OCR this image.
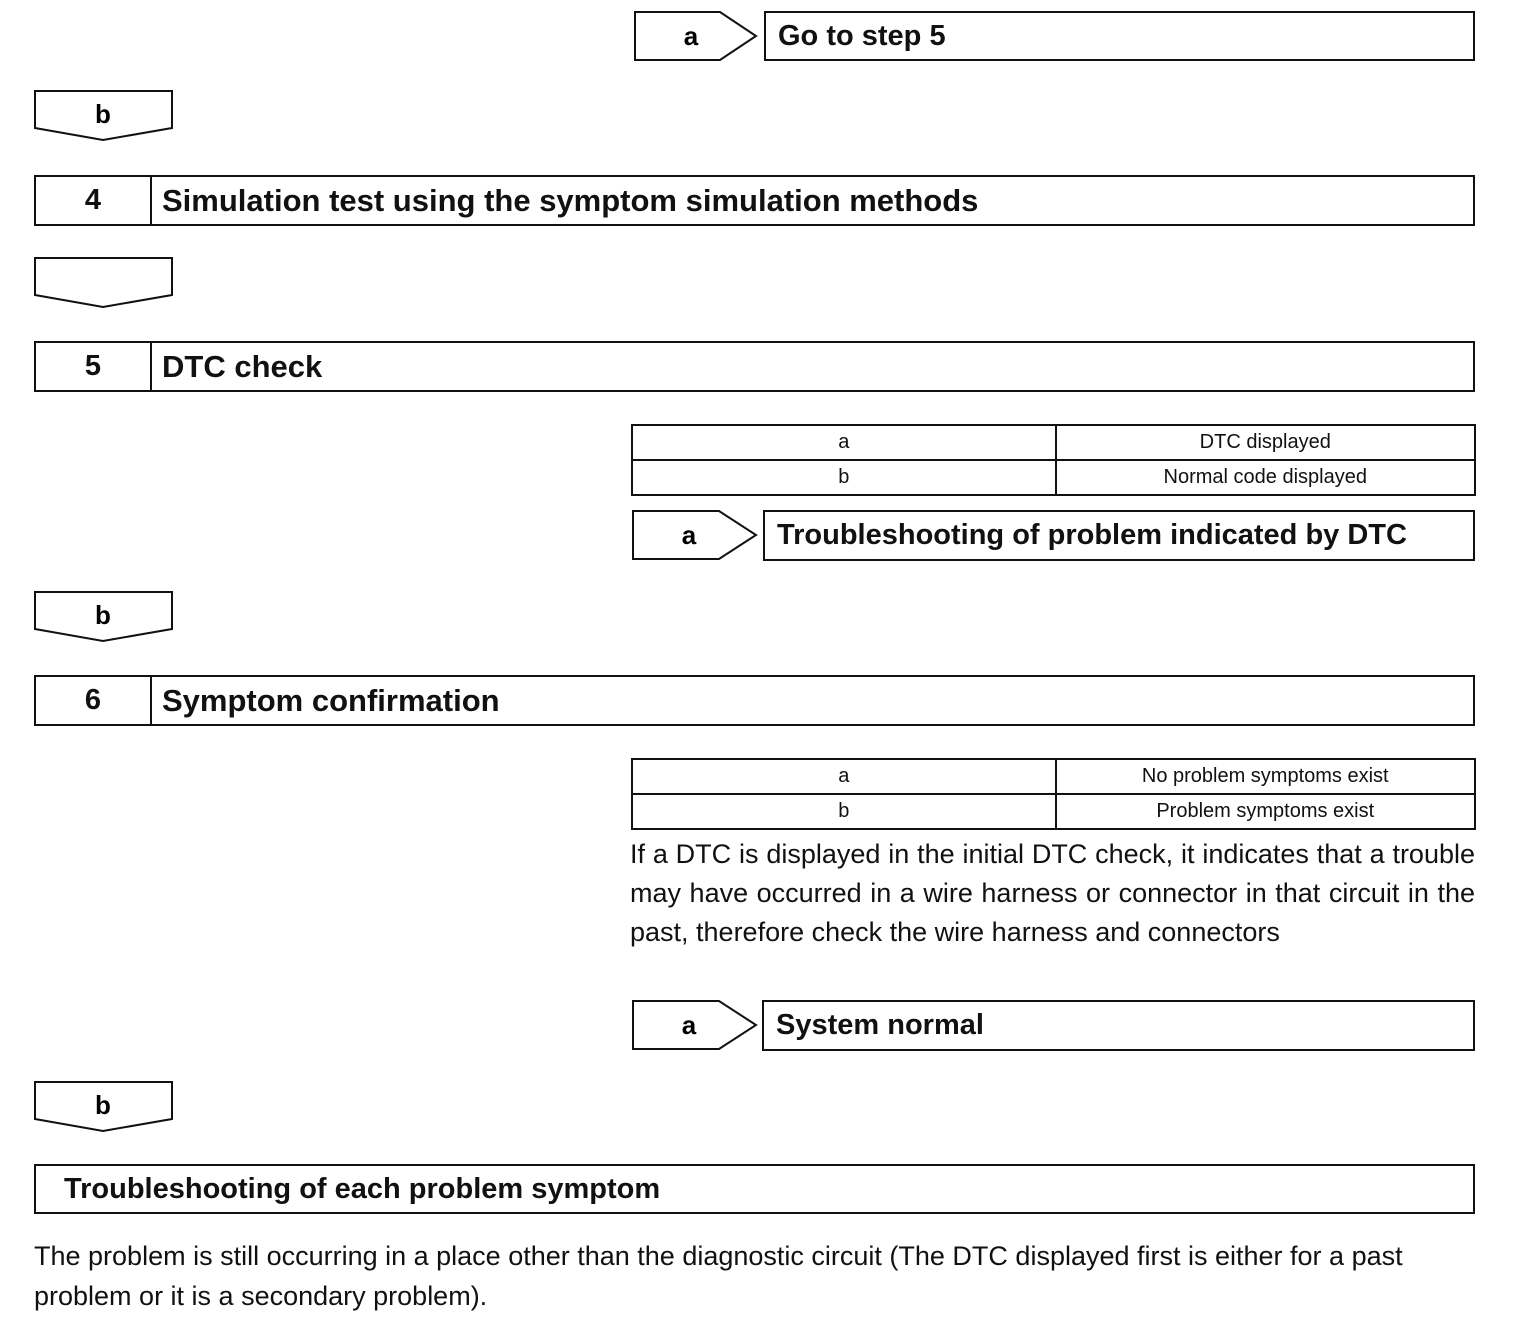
a	Go to step 5
b
4	Simulation test using the symptom simulation methods
5	DTC check
a	DTC displayed
b	Normal code displayed
a	Troubleshooting of problem indicated by DTC
b
6	Symptom confirmation
a	No problem symptoms exist
b	Problem symptoms exist
If a DTC is displayed in the initial DTC check, it indicates that a trouble may have occurred in a wire harness or connector in that circuit in the past, therefore check the wire harness and connectors
a	System normal
b
Troubleshooting of each problem symptom
The problem is still occurring in a place other than the diagnostic circuit (The DTC displayed first is either for a past problem or it is a secondary problem).
